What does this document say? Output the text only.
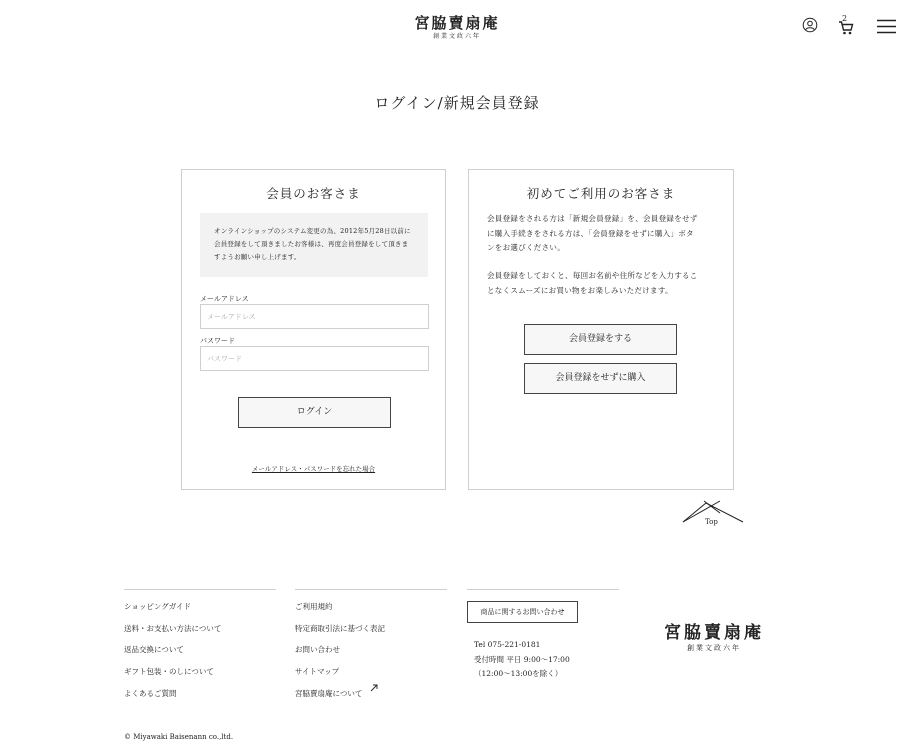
宮脇賣扇庵
創業文政六年
2
ログイン/新規会員登録
会員のお客さま
オンラインショップのシステム変更の為、2012年5月28日以前に会員登録をして頂きましたお客様は、再度会員登録をして頂きますようお願い申し上げます。
メールアドレス
メールアドレス
パスワード
ログイン
メールアドレス・パスワードを忘れた場合
初めてご利用のお客さま
会員登録をされる方は「新規会員登録」を、会員登録をせず
に購入手続きをされる方は、「会員登録をせずに購入」ボタ
ンをお選びください。
会員登録をしておくと、毎回お名前や住所などを入力するこ
となくスムーズにお買い物をお楽しみいただけます。
会員登録をする
会員登録をせずに購入
Top
ショッピングガイド
送料・お支払い方法について
返品交換について
ギフト包装・のしについて
よくあるご質問
ご利用規約
特定商取引法に基づく表記
お問い合わせ
サイトマップ
宮脇賣扇庵について
商品に関するお問い合わせ
Tel 075-221-0181
受付時間 平日 9:00～17:00
（12:00～13:00を除く）
宮脇賣扇庵
創業文政六年
© Miyawaki Baisenann co.,ltd.
